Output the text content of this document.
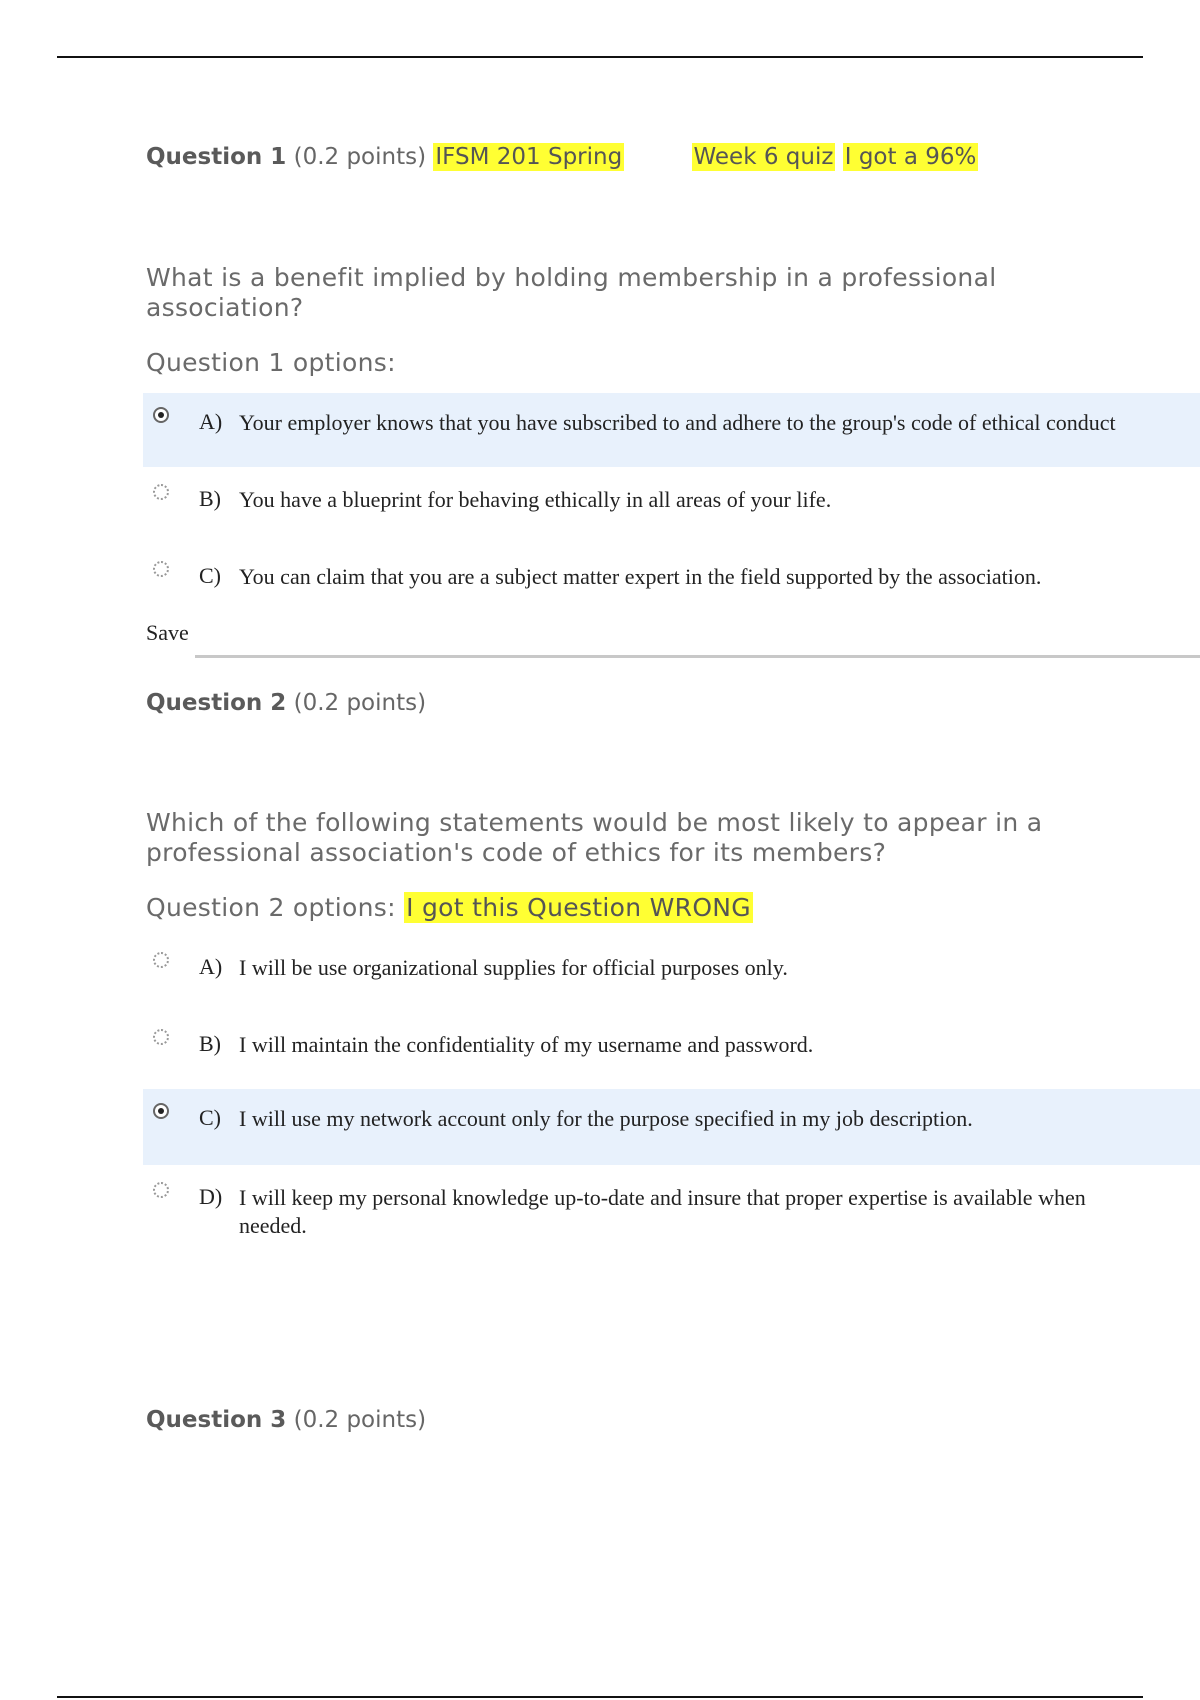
Question 1 (0.2 points) IFSM 201 Spring	Week 6 quiz I got a 96%
What is a benefit implied by holding membership in a professional association?
Question 1 options:
A) Your employer knows that you have subscribed to and adhere to the group's code of ethical conduct
B) You have a blueprint for behaving ethically in all areas of your life.
C) You can claim that you are a subject matter expert in the field supported by the association.
Save
Question 2 (0.2 points)
Which of the following statements would be most likely to appear in a professional association's code of ethics for its members?
Question 2 options: I got this Question WRONG
A) I will be use organizational supplies for official purposes only.
B) I will maintain the confidentiality of my username and password.
C) I will use my network account only for the purpose specified in my job description.
D) I will keep my personal knowledge up-to-date and insure that proper expertise is available when needed.
Question 3 (0.2 points)
